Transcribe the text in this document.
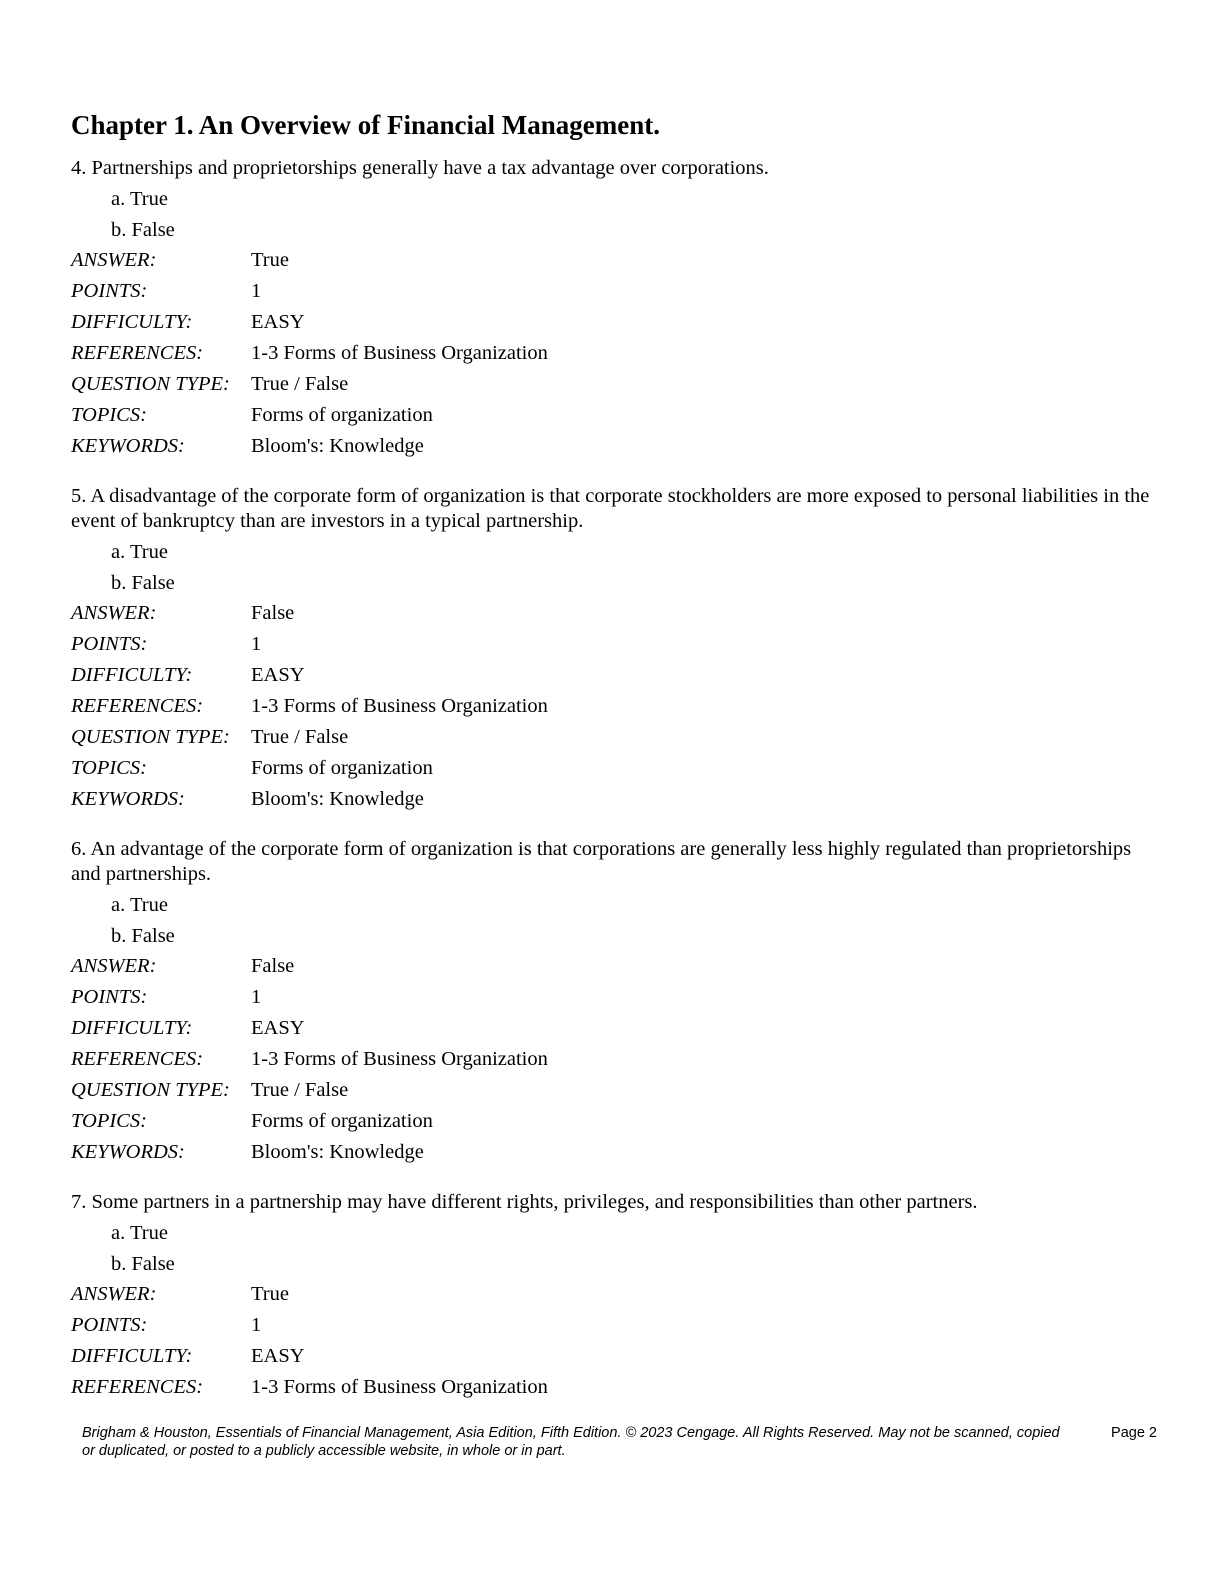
Chapter 1. An Overview of Financial Management.
4. Partnerships and proprietorships generally have a tax advantage over corporations.
a. True
b. False
ANSWER:	True
POINTS:	1
DIFFICULTY:	EASY
REFERENCES:	1-3 Forms of Business Organization
QUESTION TYPE:	True / False
TOPICS:	Forms of organization
KEYWORDS:	Bloom's: Knowledge
5. A disadvantage of the corporate form of organization is that corporate stockholders are more exposed to personal liabilities in the event of bankruptcy than are investors in a typical partnership.
a. True
b. False
ANSWER:	False
POINTS:	1
DIFFICULTY:	EASY
REFERENCES:	1-3 Forms of Business Organization
QUESTION TYPE:	True / False
TOPICS:	Forms of organization
KEYWORDS:	Bloom's: Knowledge
6. An advantage of the corporate form of organization is that corporations are generally less highly regulated than proprietorships and partnerships.
a. True
b. False
ANSWER:	False
POINTS:	1
DIFFICULTY:	EASY
REFERENCES:	1-3 Forms of Business Organization
QUESTION TYPE:	True / False
TOPICS:	Forms of organization
KEYWORDS:	Bloom's: Knowledge
7. Some partners in a partnership may have different rights, privileges, and responsibilities than other partners.
a. True
b. False
ANSWER:	True
POINTS:	1
DIFFICULTY:	EASY
REFERENCES:	1-3 Forms of Business Organization
Brigham & Houston, Essentials of Financial Management, Asia Edition, Fifth Edition. © 2023 Cengage. All Rights Reserved. May not be scanned, copied or duplicated, or posted to a publicly accessible website, in whole or in part.
Page 2
